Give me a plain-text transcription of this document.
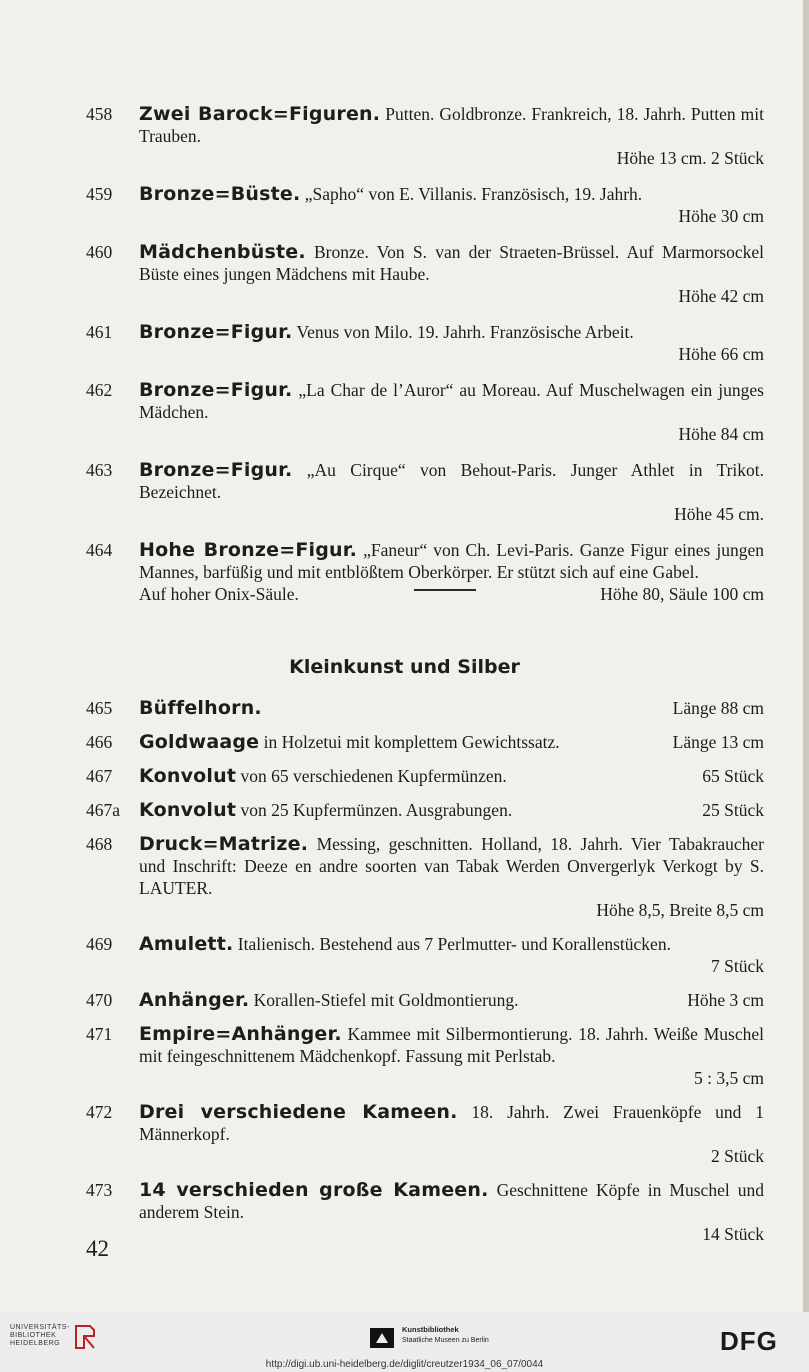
458	Zwei Barock=Figuren. Putten. Goldbronze. Frankreich, 18. Jahrh. Putten mit Trauben.
Höhe 13 cm. 2 Stück
459	Bronze=Büste. „Sapho“ von E. Villanis. Französisch, 19. Jahrh.
Höhe 30 cm
460	Mädchenbüste. Bronze. Von S. van der Straeten-Brüssel. Auf Marmorsockel Büste eines jungen Mädchens mit Haube.
Höhe 42 cm
461	Bronze=Figur. Venus von Milo. 19. Jahrh. Französische Arbeit.
Höhe 66 cm
462	Bronze=Figur. „La Char de l’Auror“ au Moreau. Auf Muschelwagen ein junges Mädchen.
Höhe 84 cm
463	Bronze=Figur. „Au Cirque“ von Behout-Paris. Junger Athlet in Trikot. Bezeichnet.
Höhe 45 cm.
464	Hohe Bronze=Figur. „Faneur“ von Ch. Levi-Paris. Ganze Figur eines jungen Mannes, barfüßig und mit entblößtem Oberkörper. Er stützt sich auf eine Gabel.
Auf hoher Onix-Säule.	Höhe 80, Säule 100 cm
Kleinkunst und Silber
465	Büffelhorn.	Länge 88 cm
466	Goldwaage in Holzetui mit komplettem Gewichtssatz.	Länge 13 cm
467	Konvolut von 65 verschiedenen Kupfermünzen.	65 Stück
467a Konvolut von 25 Kupfermünzen. Ausgrabungen.	25 Stück
468	Druck=Matrize. Messing, geschnitten. Holland, 18. Jahrh. Vier Tabakraucher und Inschrift: Deeze en andre soorten van Tabak Werden Onvergerlyk Verkogt by S. LAUTER.
Höhe 8,5, Breite 8,5 cm
469	Amulett. Italienisch. Bestehend aus 7 Perlmutter- und Korallenstücken.
7 Stück
470	Anhänger. Korallen-Stiefel mit Goldmontierung.	Höhe 3 cm
471	Empire=Anhänger. Kammee mit Silbermontierung. 18. Jahrh. Weiße Muschel mit feingeschnittenem Mädchenkopf. Fassung mit Perlstab.
5 : 3,5 cm
472	Drei verschiedene Kameen. 18. Jahrh. Zwei Frauenköpfe und 1 Männerkopf.
2 Stück
473	14 verschieden große Kameen. Geschnittene Köpfe in Muschel und anderem Stein.
14 Stück
42
UNIVERSITÄTS- BIBLIOTHEK HEIDELBERG
Kunstbibliothek
Staatliche Museen zu Berlin	DFG
http://digi.ub.uni-heidelberg.de/diglit/creutzer1934_06_07/0044
